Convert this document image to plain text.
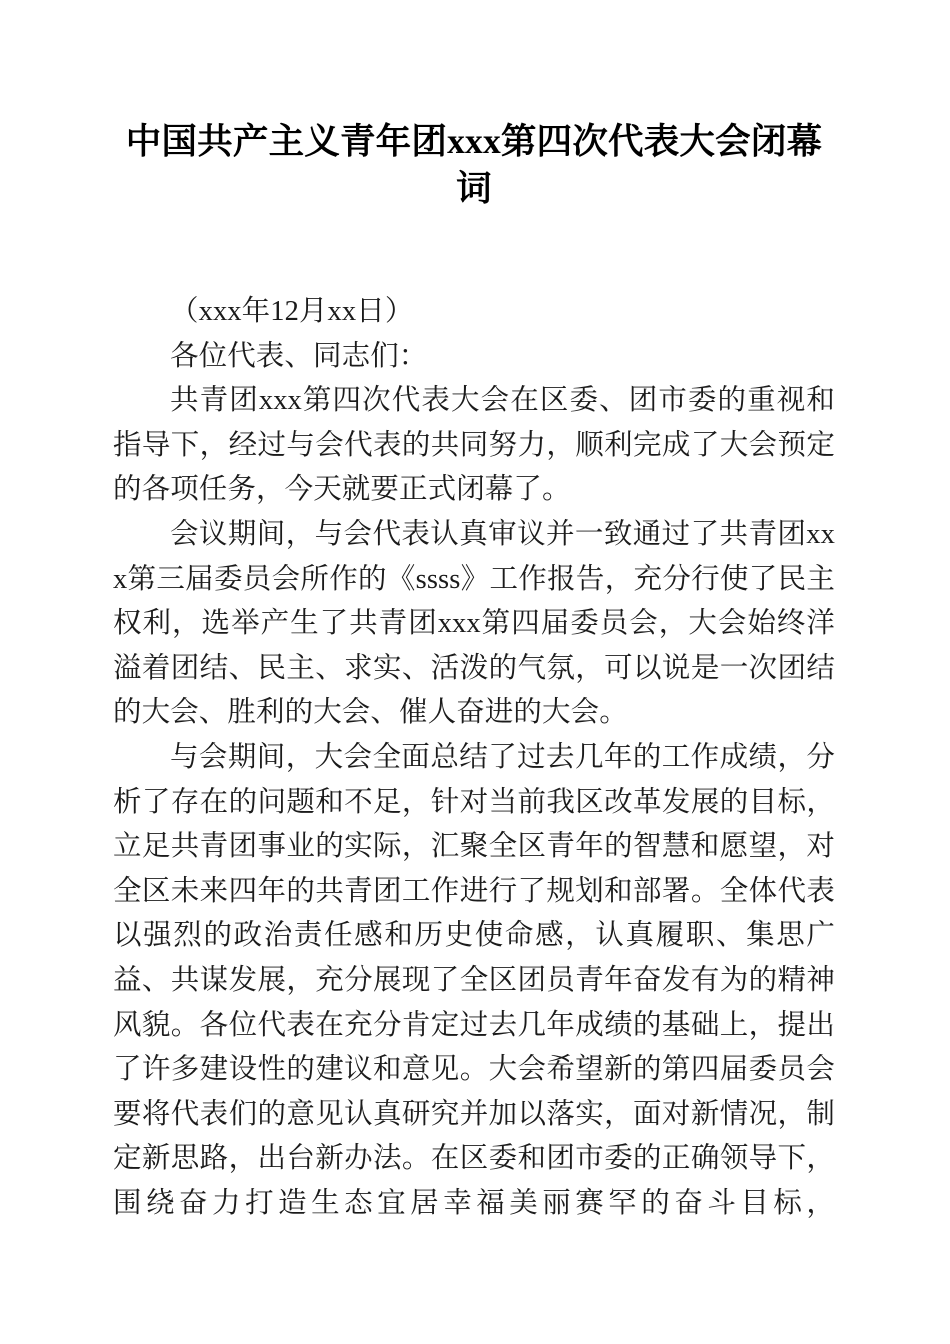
中国共产主义青年团xxx第四次代表大会闭幕词

（xxx年12月xx日）

各位代表、同志们：

共青团xxx第四次代表大会在区委、团市委的重视和指导下，经过与会代表的共同努力，顺利完成了大会预定的各项任务，今天就要正式闭幕了。

会议期间，与会代表认真审议并一致通过了共青团xxx第三届委员会所作的《ssss》工作报告，充分行使了民主权利，选举产生了共青团xxx第四届委员会，大会始终洋溢着团结、民主、求实、活泼的气氛，可以说是一次团结的大会、胜利的大会、催人奋进的大会。

与会期间，大会全面总结了过去几年的工作成绩，分析了存在的问题和不足，针对当前我区改革发展的目标，立足共青团事业的实际，汇聚全区青年的智慧和愿望，对全区未来四年的共青团工作进行了规划和部署。全体代表以强烈的政治责任感和历史使命感，认真履职、集思广益、共谋发展，充分展现了全区团员青年奋发有为的精神风貌。各位代表在充分肯定过去几年成绩的基础上，提出了许多建设性的建议和意见。大会希望新的第四届委员会要将代表们的意见认真研究并加以落实，面对新情况，制定新思路，出台新办法。在区委和团市委的正确领导下，围绕奋力打造生态宜居幸福美丽赛罕的奋斗目标，
